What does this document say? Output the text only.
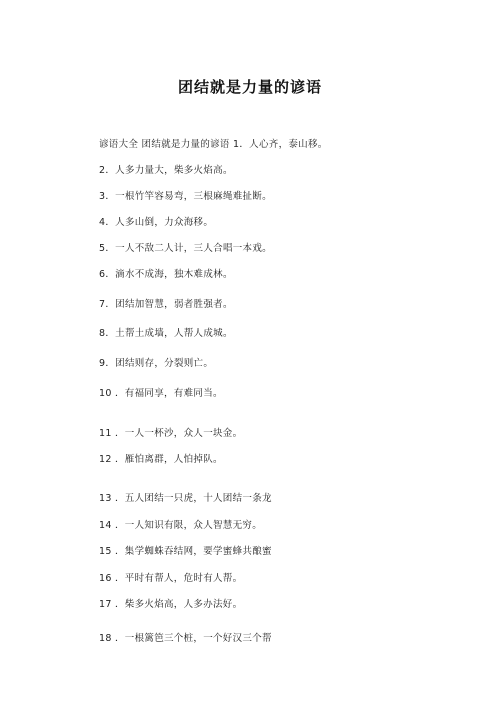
团结就是力量的谚语
谚语大全 团结就是力量的谚语 1．人心齐，泰山移。
2．人多力量大，柴多火焰高。
3．一根竹竿容易弯，三根麻绳难扯断。
4．人多山倒，力众海移。
5．一人不敌二人计，三人合唱一本戏。
6．滴水不成海，独木难成林。
7．团结加智慧，弱者胜强者。
8．土帮土成墙，人帮人成城。
9．团结则存，分裂则亡。
10 ．有福同享，有难同当。
11 ．一人一杯沙，众人一块金。
12 ．雁怕离群，人怕掉队。
13 ．五人团结一只虎，十人团结一条龙
14 ．一人知识有限，众人智慧无穷。
15 ．集学蜘蛛吞结网，要学蜜蜂共酿蜜
16 ．平时有帮人，危时有人帮。
17 ．柴多火焰高，人多办法好。
18 ．一根篱笆三个桩，一个好汉三个帮
